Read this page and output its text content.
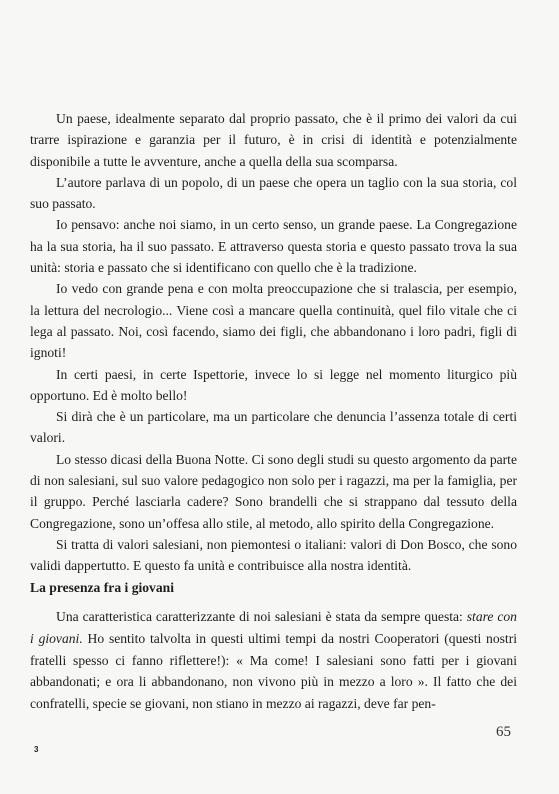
Un paese, idealmente separato dal proprio passato, che è il primo dei valori da cui trarre ispirazione e garanzia per il futuro, è in crisi di identità e potenzialmente disponibile a tutte le avventure, anche a quella della sua scomparsa.

L’autore parlava di un popolo, di un paese che opera un taglio con la sua storia, col suo passato.

Io pensavo: anche noi siamo, in un certo senso, un grande paese. La Congregazione ha la sua storia, ha il suo passato. E attraverso questa storia e questo passato trova la sua unità: storia e passato che si identificano con quello che è la tradizione.

Io vedo con grande pena e con molta preoccupazione che si tralascia, per esempio, la lettura del necrologio... Viene così a mancare quella continuità, quel filo vitale che ci lega al passato. Noi, così facendo, siamo dei figli, che abbandonano i loro padri, figli di ignoti!

In certi paesi, in certe Ispettorie, invece lo si legge nel momento liturgico più opportuno. Ed è molto bello!

Si dirà che è un particolare, ma un particolare che denuncia l’assenza totale di certi valori.

Lo stesso dicasi della Buona Notte. Ci sono degli studi su questo argomento da parte di non salesiani, sul suo valore pedagogico non solo per i ragazzi, ma per la famiglia, per il gruppo. Perché lasciarla cadere? Sono brandelli che si strappano dal tessuto della Congregazione, sono un’offesa allo stile, al metodo, allo spirito della Congregazione.

Si tratta di valori salesiani, non piemontesi o italiani: valori di Don Bosco, che sono validi dappertutto. E questo fa unità e contribuisce alla nostra identità.

La presenza fra i giovani

Una caratteristica caratterizzante di noi salesiani è stata da sempre questa: stare con i giovani. Ho sentito talvolta in questi ultimi tempi da nostri Cooperatori (questi nostri fratelli spesso ci fanno riflettere!): « Ma come! I salesiani sono fatti per i giovani abbandonati; e ora li abbandonano, non vivono più in mezzo a loro ». Il fatto che dei confratelli, specie se giovani, non stiano in mezzo ai ragazzi, deve far pen-

65
3
